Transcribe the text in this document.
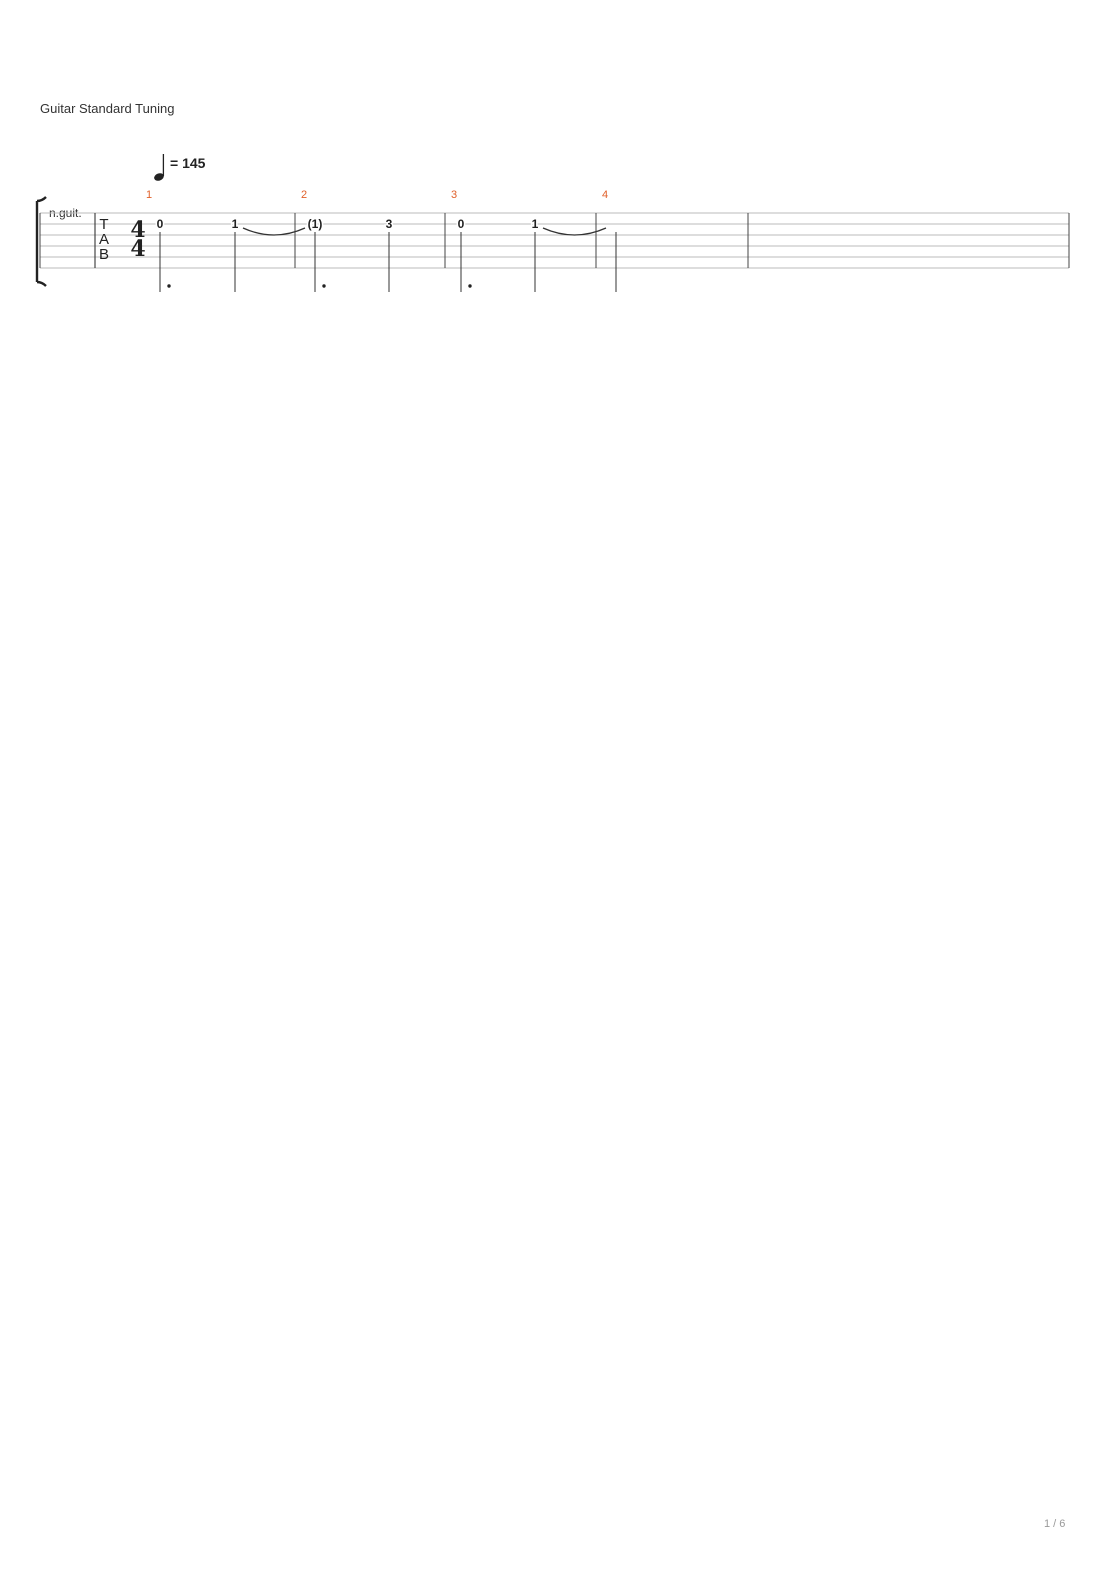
Guitar Standard Tuning
= 145
n.guit.
1 / 6
T
A
B
4
4
1
0	1
2
(1)	3
3
0	1
4
